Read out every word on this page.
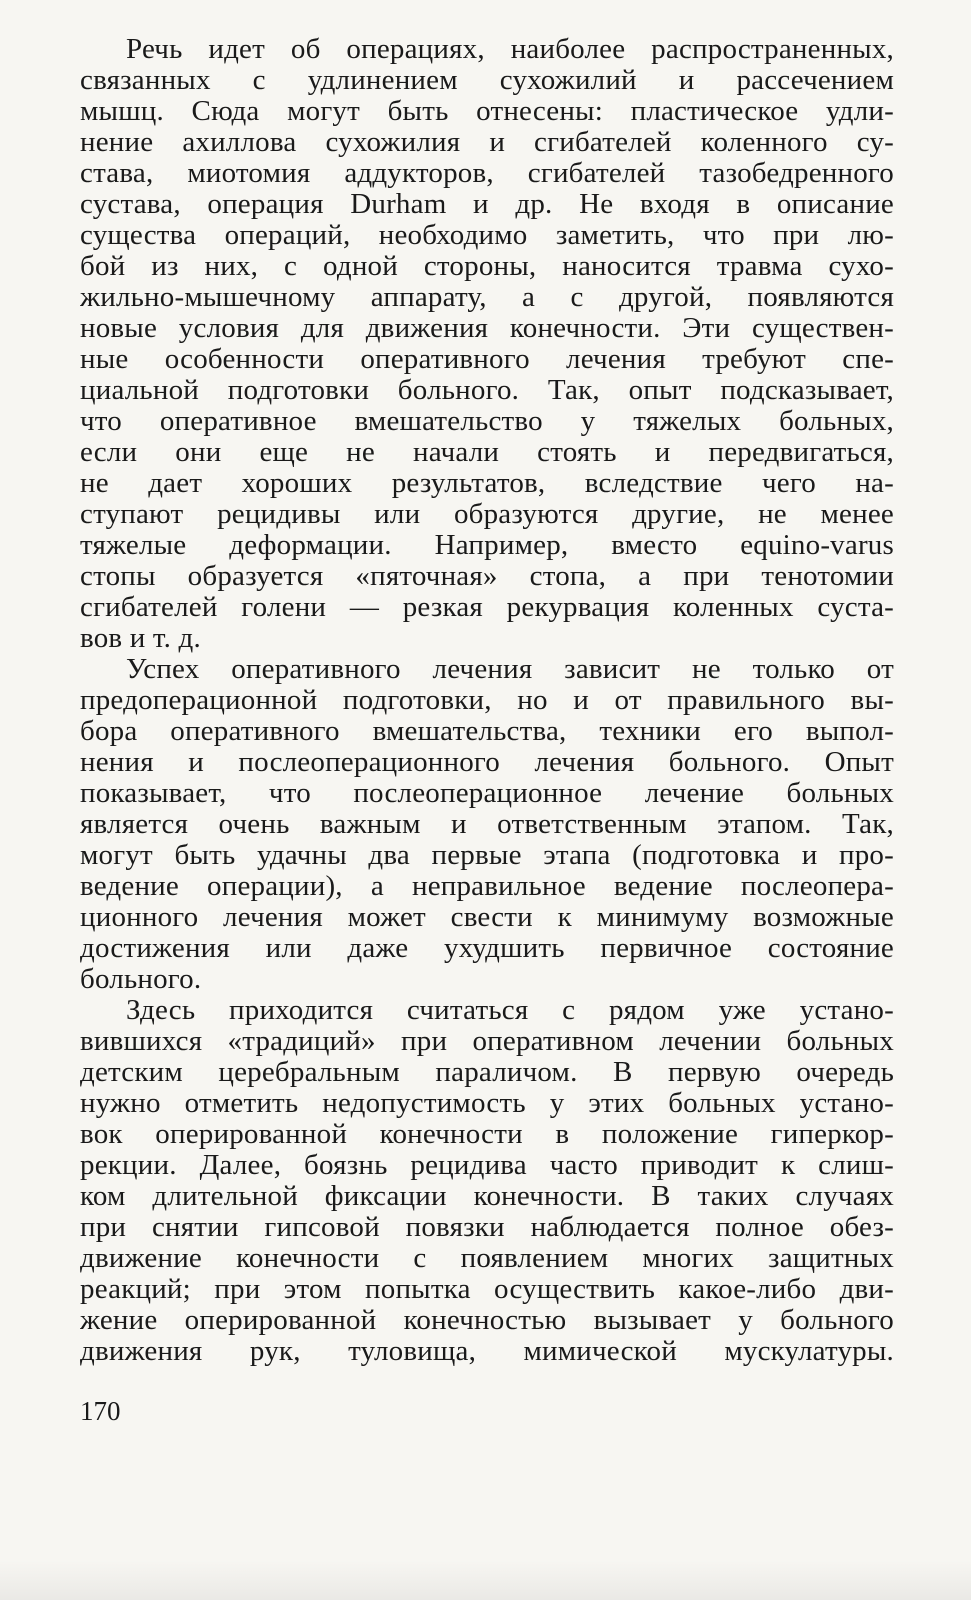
Речь идет об операциях, наиболее распространенных,
связанных с удлинением сухожилий и рассечением
мышц. Сюда могут быть отнесены: пластическое удли-
нение ахиллова сухожилия и сгибателей коленного су-
става, миотомия аддукторов, сгибателей тазобедренного
сустава, операция Durham и др. Не входя в описание
существа операций, необходимо заметить, что при лю-
бой из них, с одной стороны, наносится травма сухо-
жильно-мышечному аппарату, а с другой, появляются
новые условия для движения конечности. Эти существен-
ные особенности оперативного лечения требуют спе-
циальной подготовки больного. Так, опыт подсказывает,
что оперативное вмешательство у тяжелых больных,
если они еще не начали стоять и передвигаться,
не дает хороших результатов, вследствие чего на-
ступают рецидивы или образуются другие, не менее
тяжелые деформации. Например, вместо equino-varus
стопы образуется «пяточная» стопа, а при тенотомии
сгибателей голени — резкая рекурвация коленных суста-
вов и т. д.
Успех оперативного лечения зависит не только от
предоперационной подготовки, но и от правильного вы-
бора оперативного вмешательства, техники его выпол-
нения и послеоперационного лечения больного. Опыт
показывает, что послеоперационное лечение больных
является очень важным и ответственным этапом. Так,
могут быть удачны два первые этапа (подготовка и про-
ведение операции), а неправильное ведение послеопера-
ционного лечения может свести к минимуму возможные
достижения или даже ухудшить первичное состояние
больного.
Здесь приходится считаться с рядом уже устано-
вившихся «традиций» при оперативном лечении больных
детским церебральным параличом. В первую очередь
нужно отметить недопустимость у этих больных устано-
вок оперированной конечности в положение гиперкор-
рекции. Далее, боязнь рецидива часто приводит к слиш-
ком длительной фиксации конечности. В таких случаях
при снятии гипсовой повязки наблюдается полное обез-
движение конечности с появлением многих защитных
реакций; при этом попытка осуществить какое-либо дви-
жение оперированной конечностью вызывает у больного
движения рук, туловища, мимической мускулатуры.
170
